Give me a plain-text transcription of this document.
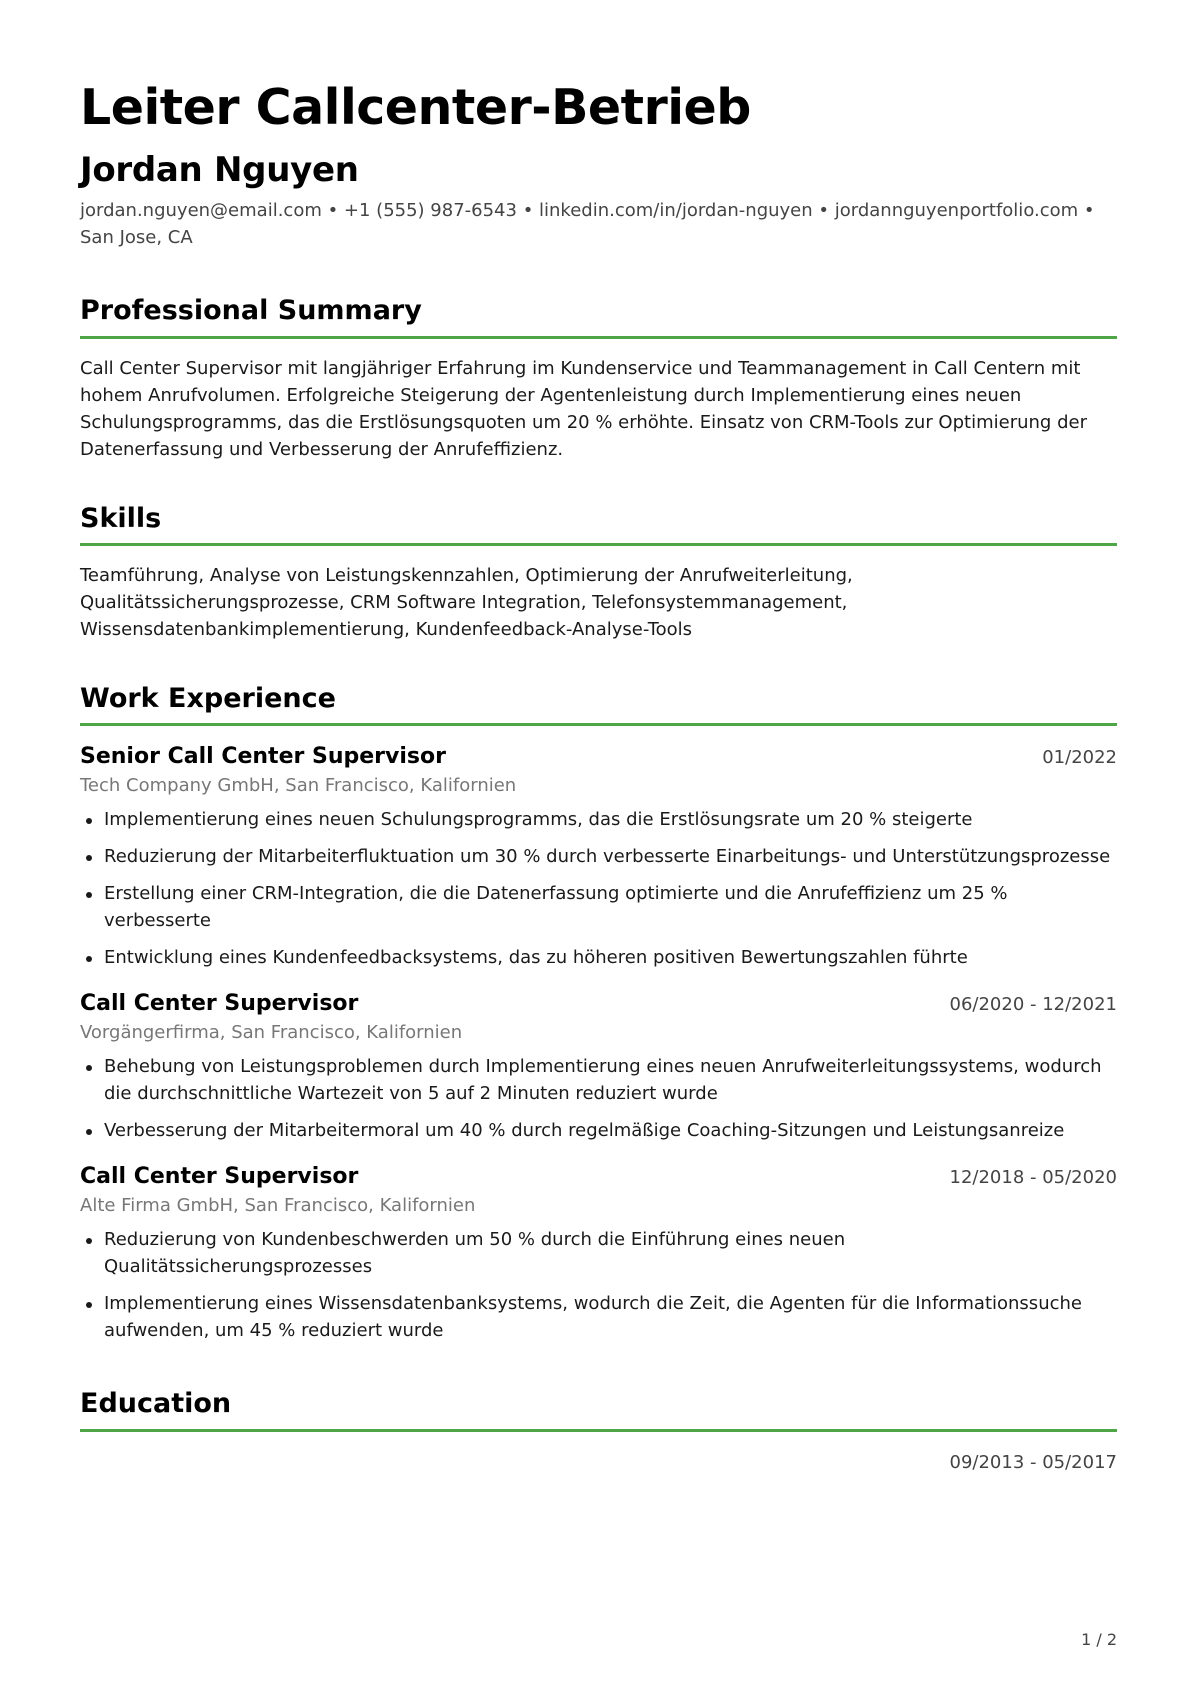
Leiter Callcenter-Betrieb
Jordan Nguyen
jordan.nguyen@email.com • +1 (555) 987-6543 • linkedin.com/in/jordan-nguyen • jordannguyenportfolio.com • San Jose, CA
Professional Summary
Call Center Supervisor mit langjähriger Erfahrung im Kundenservice und Teammanagement in Call Centern mit hohem Anrufvolumen. Erfolgreiche Steigerung der Agentenleistung durch Implementierung eines neuen Schulungsprogramms, das die Erstlösungsquoten um 20 % erhöhte. Einsatz von CRM-Tools zur Optimierung der Datenerfassung und Verbesserung der Anrufeffizienz.
Skills
Teamführung, Analyse von Leistungskennzahlen, Optimierung der Anrufweiterleitung, Qualitätssicherungsprozesse, CRM Software Integration, Telefonsystemmanagement, Wissensdatenbankimplementierung, Kundenfeedback-Analyse-Tools
Work Experience
Senior Call Center Supervisor	01/2022
Tech Company GmbH, San Francisco, Kalifornien
Implementierung eines neuen Schulungsprogramms, das die Erstlösungsrate um 20 % steigerte
Reduzierung der Mitarbeiterfluktuation um 30 % durch verbesserte Einarbeitungs- und Unterstützungsprozesse
Erstellung einer CRM-Integration, die die Datenerfassung optimierte und die Anrufeffizienz um 25 % verbesserte
Entwicklung eines Kundenfeedbacksystems, das zu höheren positiven Bewertungszahlen führte
Call Center Supervisor	06/2020 - 12/2021
Vorgängerfirma, San Francisco, Kalifornien
Behebung von Leistungsproblemen durch Implementierung eines neuen Anrufweiterleitungssystems, wodurch die durchschnittliche Wartezeit von 5 auf 2 Minuten reduziert wurde
Verbesserung der Mitarbeitermoral um 40 % durch regelmäßige Coaching-Sitzungen und Leistungsanreize
Call Center Supervisor	12/2018 - 05/2020
Alte Firma GmbH, San Francisco, Kalifornien
Reduzierung von Kundenbeschwerden um 50 % durch die Einführung eines neuen Qualitätssicherungsprozesses
Implementierung eines Wissensdatenbanksystems, wodurch die Zeit, die Agenten für die Informationssuche aufwenden, um 45 % reduziert wurde
Education
09/2013 - 05/2017
1 / 2
